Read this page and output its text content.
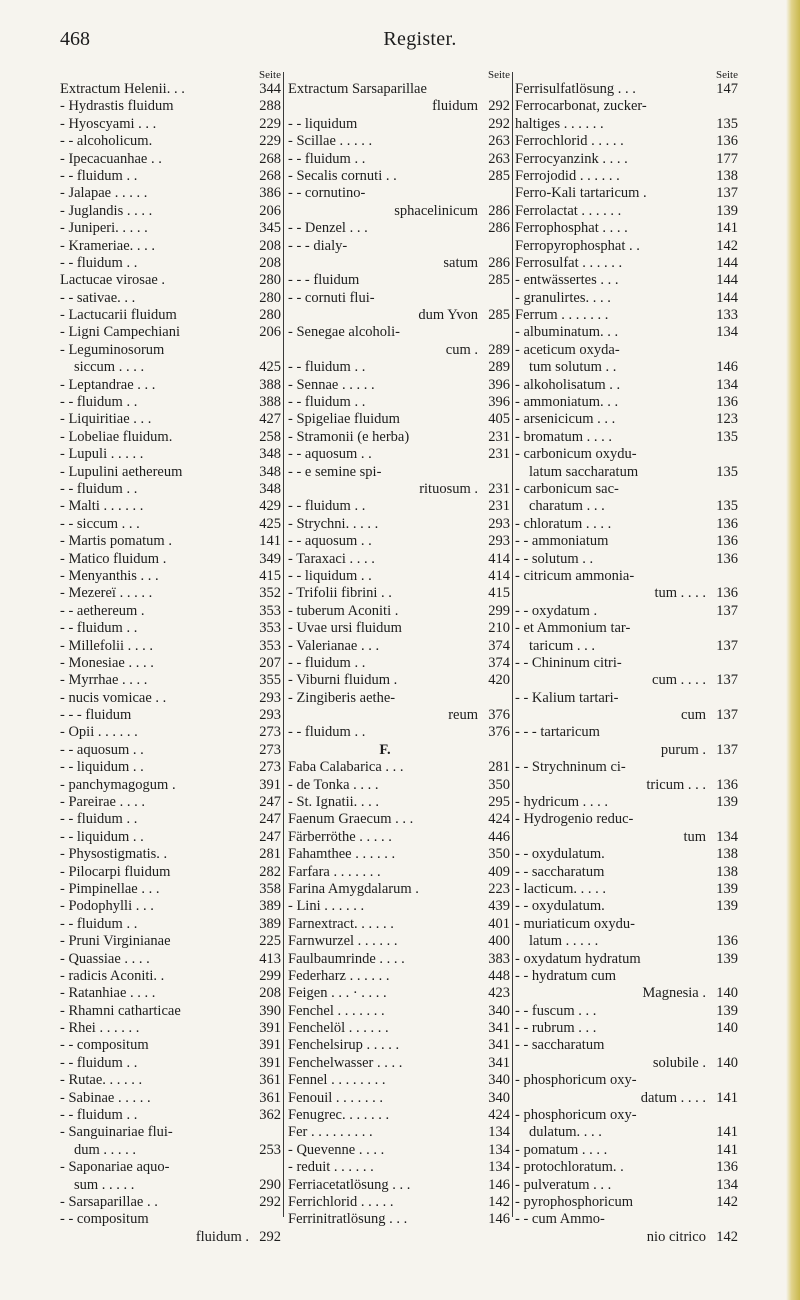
468	Register.
Seite
Extractum Helenii. . .	344
- Hydrastis fluidum	288
- Hyoscyami . . .	229
- - alcoholicum.	229
- Ipecacuanhae . .	268
- - fluidum . .	268
- Jalapae . . . . .	386
- Juglandis . . . .	206
- Juniperi. . . . .	345
- Krameriae. . . .	208
- - fluidum . .	208
Lactucae virosae .	280
- - sativae. . .	280
- Lactucarii fluidum	280
- Ligni Campechiani	206
- Leguminosorum
siccum . . . .	425
- Leptandrae . . .	388
- - fluidum . .	388
- Liquiritiae . . .	427
- Lobeliae fluidum.	258
- Lupuli . . . . .	348
- Lupulini aethereum	348
- - fluidum . .	348
- Malti . . . . . .	429
- - siccum . . .	425
- Martis pomatum .	141
- Matico fluidum .	349
- Menyanthis . . .	415
- Mezereï . . . . .	352
- - aethereum .	353
- - fluidum . .	353
- Millefolii . . . .	353
- Monesiae . . . .	207
- Myrrhae . . . .	355
- nucis vomicae . .	293
- - - fluidum	293
- Opii . . . . . .	273
- - aquosum . .	273
- - liquidum . .	273
- panchymagogum .	391
- Pareirae . . . .	247
- - fluidum . .	247
- - liquidum . .	247
- Physostigmatis. .	281
- Pilocarpi fluidum	282
- Pimpinellae . . .	358
- Podophylli . . .	389
- - fluidum . .	389
- Pruni Virginianae	225
- Quassiae . . . .	413
- radicis Aconiti. .	299
- Ratanhiae . . . .	208
- Rhamni catharticae	390
- Rhei . . . . . .	391
- - compositum	391
- - fluidum . .	391
- Rutae. . . . . .	361
- Sabinae . . . . .	361
- - fluidum . .	362
- Sanguinariae flui-
dum . . . . .	253
- Saponariae aquo-
sum . . . . .	290
- Sarsaparillae . .	292
- - compositum
fluidum . 292
Seite
Extractum Sarsaparillae
fluidum 292
- - liquidum	292
- Scillae . . . . .	263
- - fluidum . .	263
- Secalis cornuti . .	285
- - cornutino-
sphacelinicum 286
- - Denzel . . .	286
- - - dialy-
satum 286
- - - fluidum	285
- - cornuti flui-
dum Yvon 285
- Senegae alcoholi-
cum . 289
- - fluidum . .	289
- Sennae . . . . .	396
- - fluidum . .	396
- Spigeliae fluidum	405
- Stramonii (e herba)	231
- - aquosum . .	231
- - e semine spi-
rituosum . 231
- - fluidum . .	231
- Strychni. . . . .	293
- - aquosum . .	293
- Taraxaci . . . .	414
- - liquidum . .	414
- Trifolii fibrini . .	415
- tuberum Aconiti .	299
- Uvae ursi fluidum	210
- Valerianae . . .	374
- - fluidum . .	374
- Viburni fluidum .	420
- Zingiberis aethe-
reum 376
- - fluidum . .	376
F.
Faba Calabarica . . .	281
- de Tonka . . . .	350
- St. Ignatii. . . .	295
Faenum Graecum . . .	424
Färberröthe . . . . .	446
Fahamthee . . . . . .	350
Farfara . . . . . . .	409
Farina Amygdalarum .	223
- Lini . . . . . .	439
Farnextract. . . . . .	401
Farnwurzel . . . . . .	400
Faulbaumrinde . . . .	383
Federharz . . . . . .	448
Feigen . . . · . . . .	423
Fenchel . . . . . . .	340
Fenchelöl . . . . . .	341
Fenchelsirup . . . . .	341
Fenchelwasser . . . .	341
Fennel . . . . . . . .	340
Fenouil . . . . . . .	340
Fenugrec. . . . . . .	424
Fer . . . . . . . . .	134
- Quevenne . . . .	134
- reduit . . . . . .	134
Ferriacetatlösung . . .	146
Ferrichlorid . . . . .	142
Ferrinitratlösung . . .	146
Seite
Ferrisulfatlösung . . .	147
Ferrocarbonat, zucker-
haltiges . . . . . .	135
Ferrochlorid . . . . .	136
Ferrocyanzink . . . .	177
Ferrojodid . . . . . .	138
Ferro-Kali tartaricum .	137
Ferrolactat . . . . . .	139
Ferrophosphat . . . .	141
Ferropyrophosphat . .	142
Ferrosulfat . . . . . .	144
- entwässertes . . .	144
- granulirtes. . . .	144
Ferrum . . . . . . .	133
- albuminatum. . .	134
- aceticum oxyda-
tum solutum . .	146
- alkoholisatum . .	134
- ammoniatum. . .	136
- arsenicicum . . .	123
- bromatum . . . .	135
- carbonicum oxydu-
latum saccharatum	135
- carbonicum sac-
charatum . . .	135
- chloratum . . . .	136
- - ammoniatum	136
- - solutum . .	136
- citricum ammonia-
tum . . . . 136
- - oxydatum .	137
- et Ammonium tar-
taricum . . .	137
- - Chininum citri-
cum . . . . 137
- - Kalium tartari-
cum 137
- - - tartaricum
purum . 137
- - Strychninum ci-
tricum . . . 136
- hydricum . . . .	139
- Hydrogenio reduc-
tum 134
- - oxydulatum.	138
- - saccharatum	138
- lacticum. . . . .	139
- - oxydulatum.	139
- muriaticum oxydu-
latum . . . . .	136
- oxydatum hydratum	139
- - hydratum cum
Magnesia . 140
- - fuscum . . .	139
- - rubrum . . .	140
- - saccharatum
solubile . 140
- phosphoricum oxy-
datum . . . . 141
- phosphoricum oxy-
dulatum. . . .	141
- pomatum . . . .	141
- protochloratum. .	136
- pulveratum . . .	134
- pyrophosphoricum	142
- - cum Ammo-
nio citrico 142
